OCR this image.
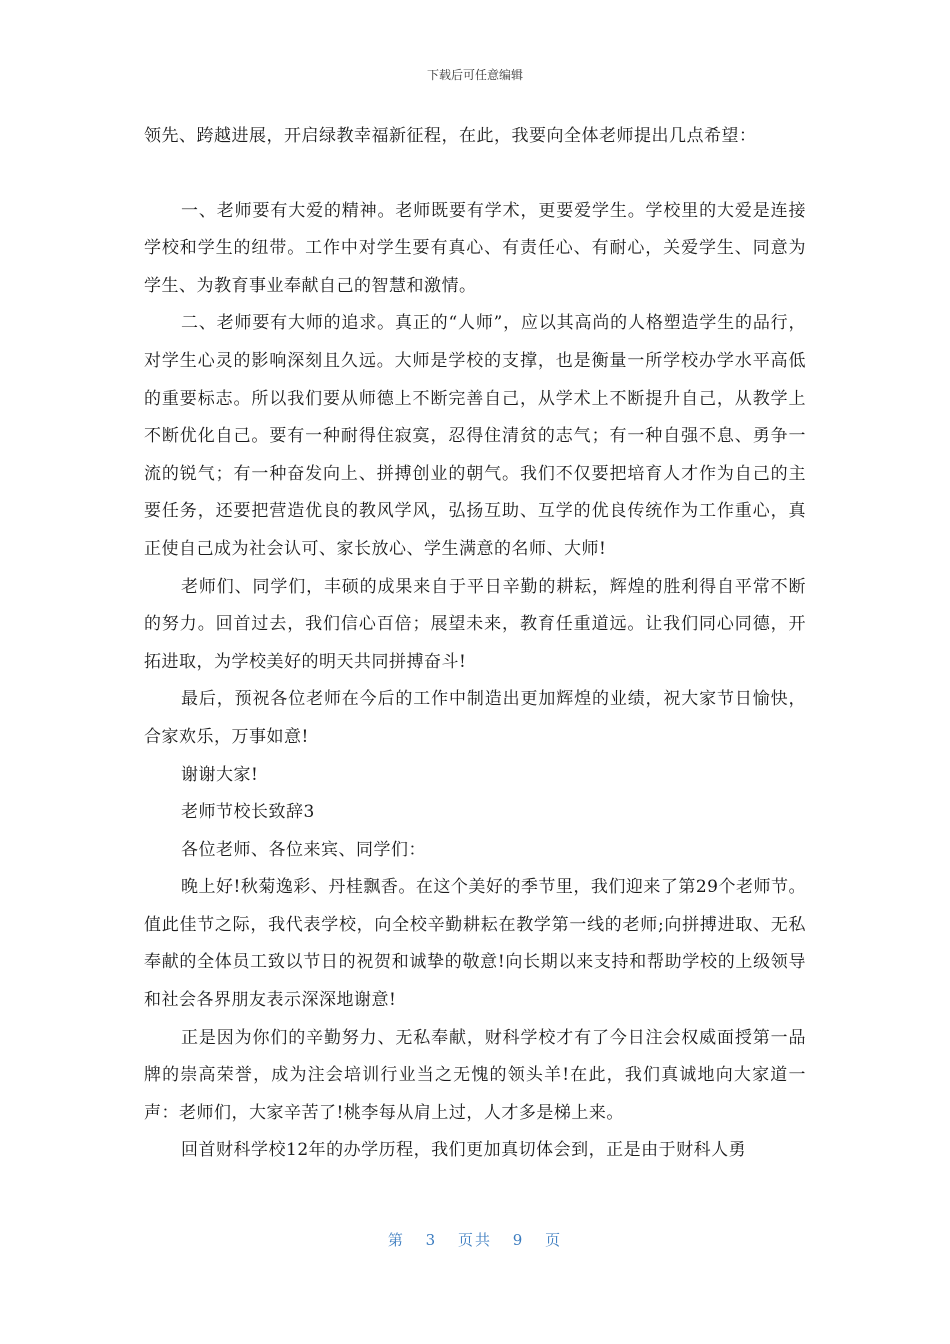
下载后可任意编辑

领先、跨越进展，开启绿教幸福新征程，在此，我要向全体老师提出几点希望：

一、老师要有大爱的精神。老师既要有学术，更要爱学生。学校里的大爱是连接学校和学生的纽带。工作中对学生要有真心、有责任心、有耐心，关爱学生、同意为学生、为教育事业奉献自己的智慧和激情。

二、老师要有大师的追求。真正的“人师”，应以其高尚的人格塑造学生的品行，对学生心灵的影响深刻且久远。大师是学校的支撑，也是衡量一所学校办学水平高低的重要标志。所以我们要从师德上不断完善自己，从学术上不断提升自己，从教学上不断优化自己。要有一种耐得住寂寞，忍得住清贫的志气；有一种自强不息、勇争一流的锐气；有一种奋发向上、拼搏创业的朝气。我们不仅要把培育人才作为自己的主要任务，还要把营造优良的教风学风，弘扬互助、互学的优良传统作为工作重心，真正使自己成为社会认可、家长放心、学生满意的名师、大师!

老师们、同学们，丰硕的成果来自于平日辛勤的耕耘，辉煌的胜利得自平常不断的努力。回首过去，我们信心百倍；展望未来，教育任重道远。让我们同心同德，开拓进取，为学校美好的明天共同拼搏奋斗!

最后，预祝各位老师在今后的工作中制造出更加辉煌的业绩，祝大家节日愉快，合家欢乐，万事如意!

谢谢大家!

老师节校长致辞3

各位老师、各位来宾、同学们：

晚上好!秋菊逸彩、丹桂飘香。在这个美好的季节里，我们迎来了第29个老师节。值此佳节之际，我代表学校，向全校辛勤耕耘在教学第一线的老师;向拼搏进取、无私奉献的全体员工致以节日的祝贺和诚挚的敬意!向长期以来支持和帮助学校的上级领导和社会各界朋友表示深深地谢意!

正是因为你们的辛勤努力、无私奉献，财科学校才有了今日注会权威面授第一品牌的崇高荣誉，成为注会培训行业当之无愧的领头羊!在此，我们真诚地向大家道一声：老师们，大家辛苦了!桃李每从肩上过，人才多是梯上来。

回首财科学校12年的办学历程，我们更加真切体会到，正是由于财科人勇

第 3 页共 9 页
